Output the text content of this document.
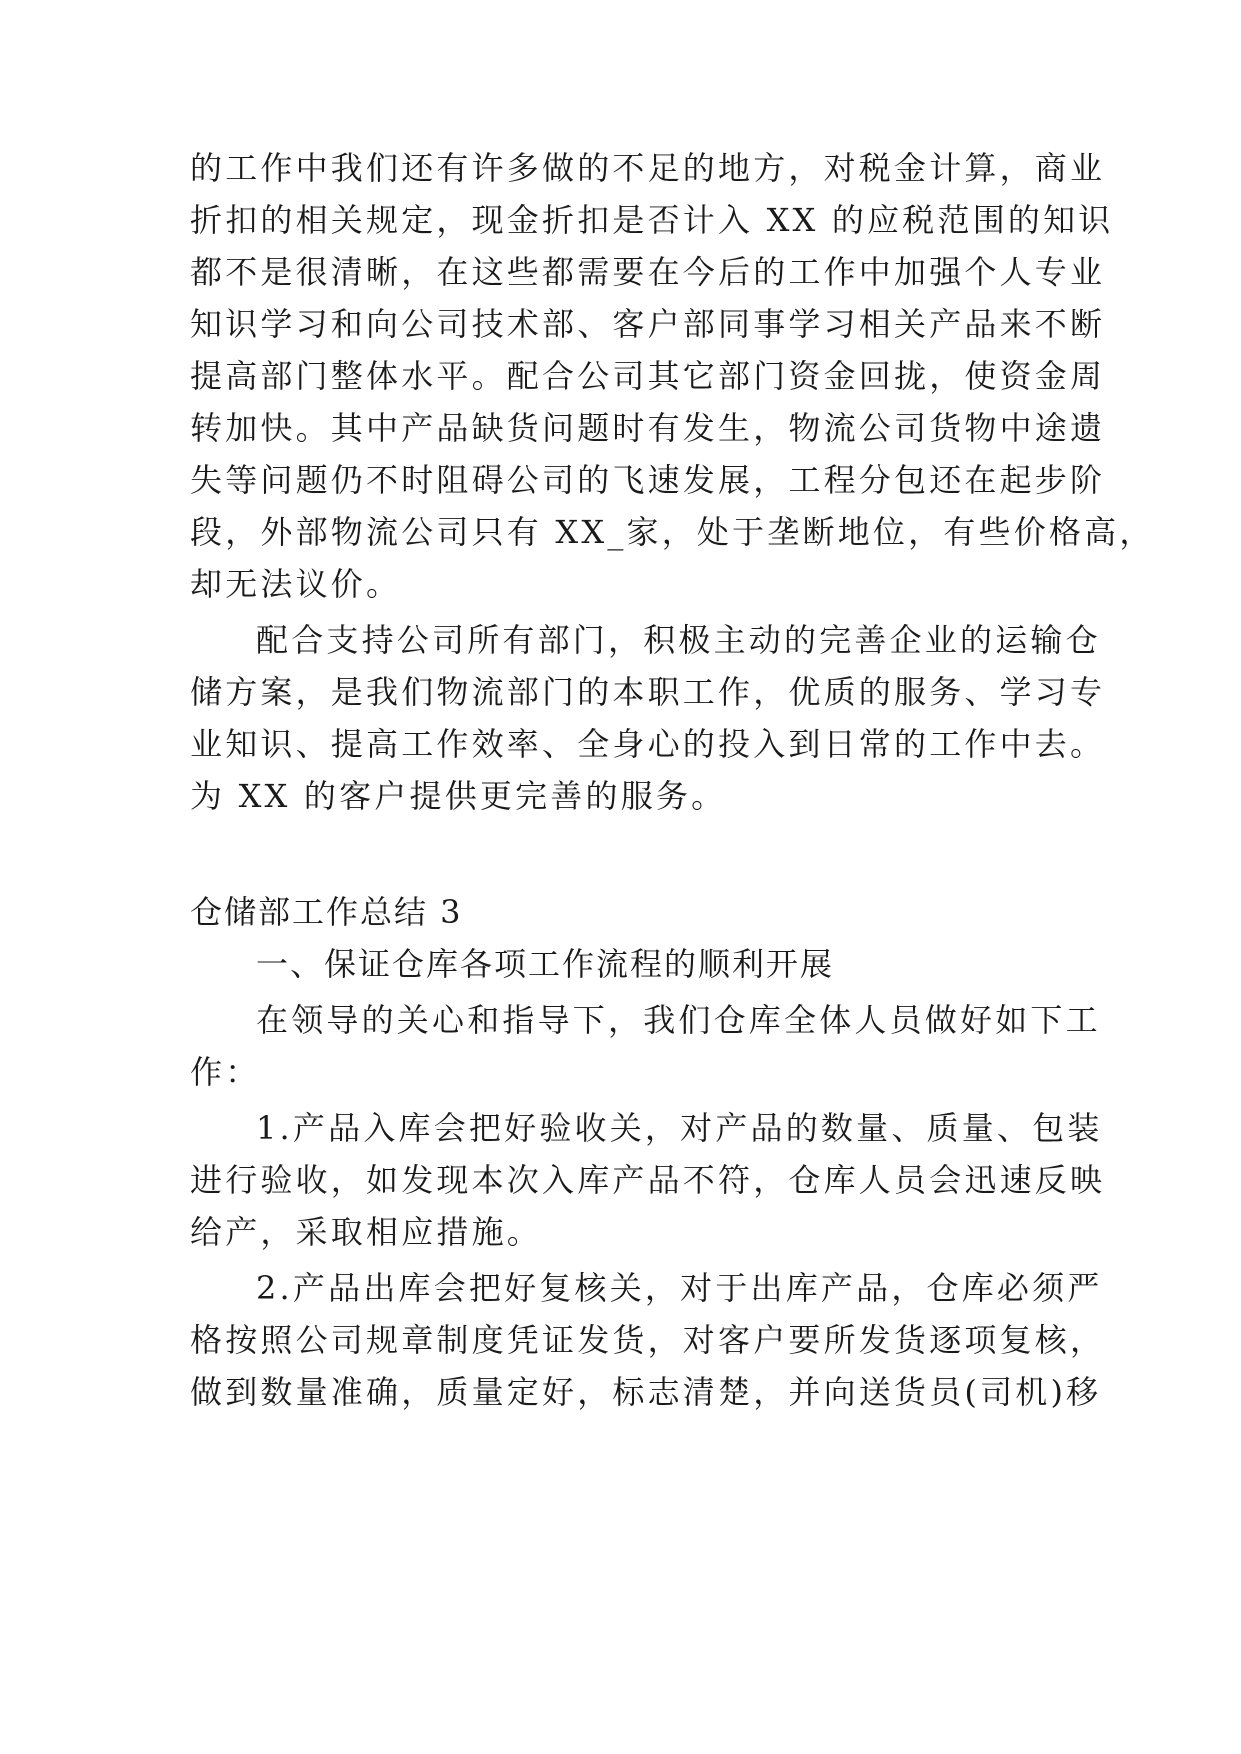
的工作中我们还有许多做的不足的地方，对税金计算，商业
折扣的相关规定，现金折扣是否计入 XX 的应税范围的知识
都不是很清晰，在这些都需要在今后的工作中加强个人专业
知识学习和向公司技术部、客户部同事学习相关产品来不断
提高部门整体水平。配合公司其它部门资金回拢，使资金周
转加快。其中产品缺货问题时有发生，物流公司货物中途遗
失等问题仍不时阻碍公司的飞速发展，工程分包还在起步阶
段，外部物流公司只有 XX_家，处于垄断地位，有些价格高，
却无法议价。
配合支持公司所有部门，积极主动的完善企业的运输仓
储方案，是我们物流部门的本职工作，优质的服务、学习专
业知识、提高工作效率、全身心的投入到日常的工作中去。
为 XX 的客户提供更完善的服务。
仓储部工作总结 3
一、保证仓库各项工作流程的顺利开展
在领导的关心和指导下，我们仓库全体人员做好如下工
作：
1.产品入库会把好验收关，对产品的数量、质量、包装
进行验收，如发现本次入库产品不符，仓库人员会迅速反映
给产，采取相应措施。
2.产品出库会把好复核关，对于出库产品，仓库必须严
格按照公司规章制度凭证发货，对客户要所发货逐项复核，
做到数量准确，质量定好，标志清楚，并向送货员(司机)移
